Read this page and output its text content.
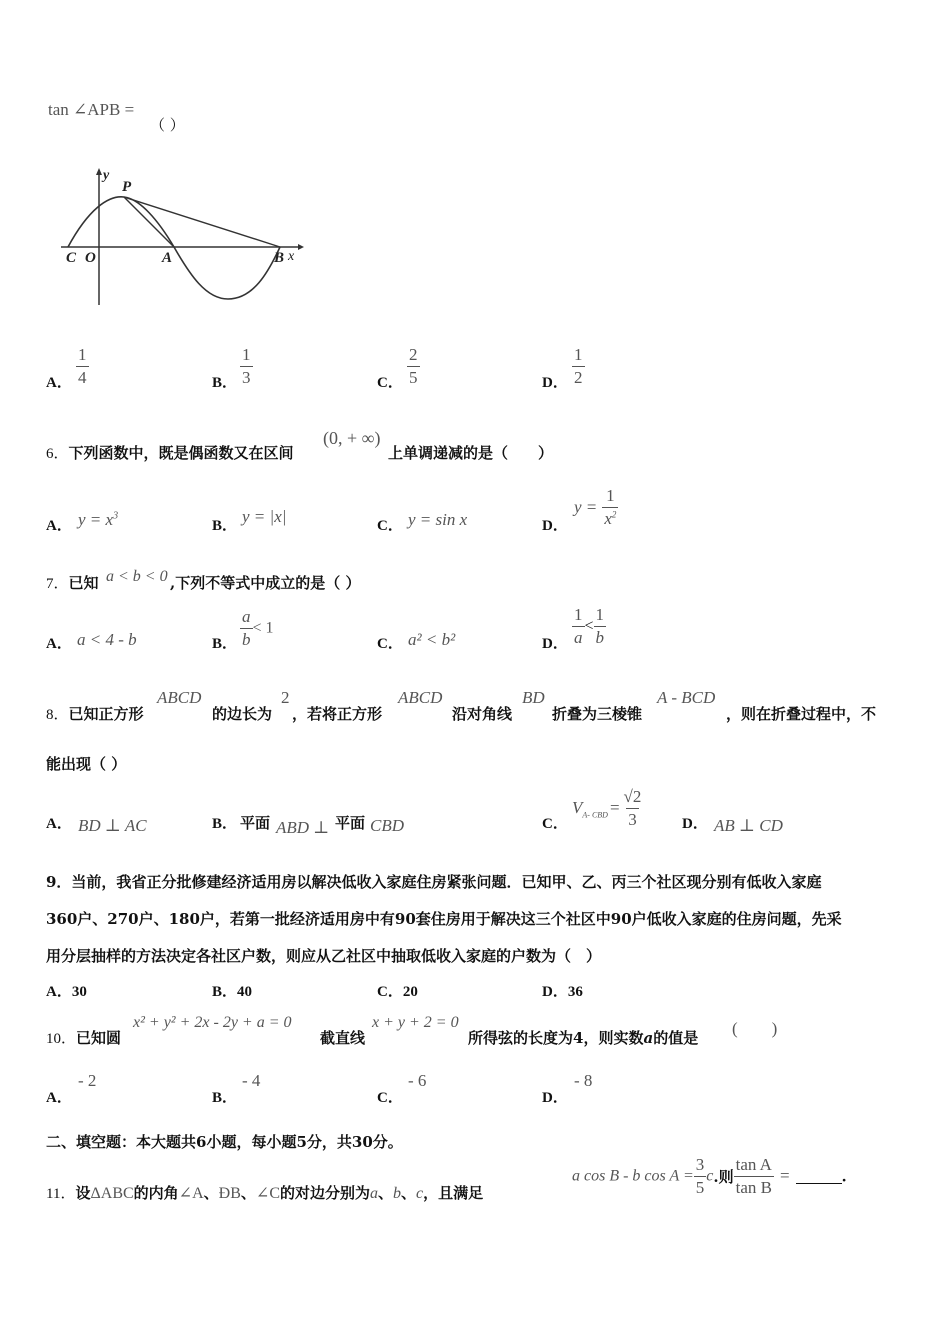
tan ∠APB =
（ ）
y
P
C O	A	B x
A． $\frac{1}{4}$	B． $\frac{1}{3}$	C． $\frac{2}{5}$	D． $\frac{1}{2}$
6．下列函数中，既是偶函数又在区间
(0, + ∞)
上单调递减的是（　　）
A． $y = x^3$
B． y = |x|	C． y = sin x	D．
$y = \frac{1}{x^2}$
7．已知 a < b < 0 ,下列不等式中成立的是（ ）
A． a < 4 - b	B． $\frac{a}{b} < 1$
C． a² < b²	D． $\frac{1}{a} < \frac{1}{b}$
8．已知正方形
ABCD
的边长为
2
，若将正方形
ABCD
沿对角线
BD
折叠为三棱锥
A - BCD
，则在折叠过程中，不
能出现（ ）
A． BD ⊥ AC	B． 平面 ABD ⊥ 平面 CBD	C．
$V_{A- CBD} = \frac{√2}{3}$	D． AB ⊥ CD
9．当前，我省正分批修建经济适用房以解决低收入家庭住房紧张问题．已知甲、乙、丙三个社区现分别有低收入家庭
360户、270户、180户，若第一批经济适用房中有90套住房用于解决这三个社区中90户低收入家庭的住房问题，先采
用分层抽样的方法决定各社区户数，则应从乙社区中抽取低收入家庭的户数为（　）
A．30	B．40	C．20	D．36
10．已知圆
x² + y² + 2x - 2y + a = 0
截直线
x + y + 2 = 0
所得弦的长度为4，则实数a的值是 (　　)
A．
- 2
B．
- 4
C．
- 6
D．
- 8
二、填空题：本大题共6小题，每小题5分，共30分。
11．设ΔABC的内角∠A、ÐB、∠C的对边分别为a、b、c，且满足
a cos B - b $\cos A = \frac{3}{5} c$.则 $\frac{\text{tan A}}{\text{tan B}}$ =	.
